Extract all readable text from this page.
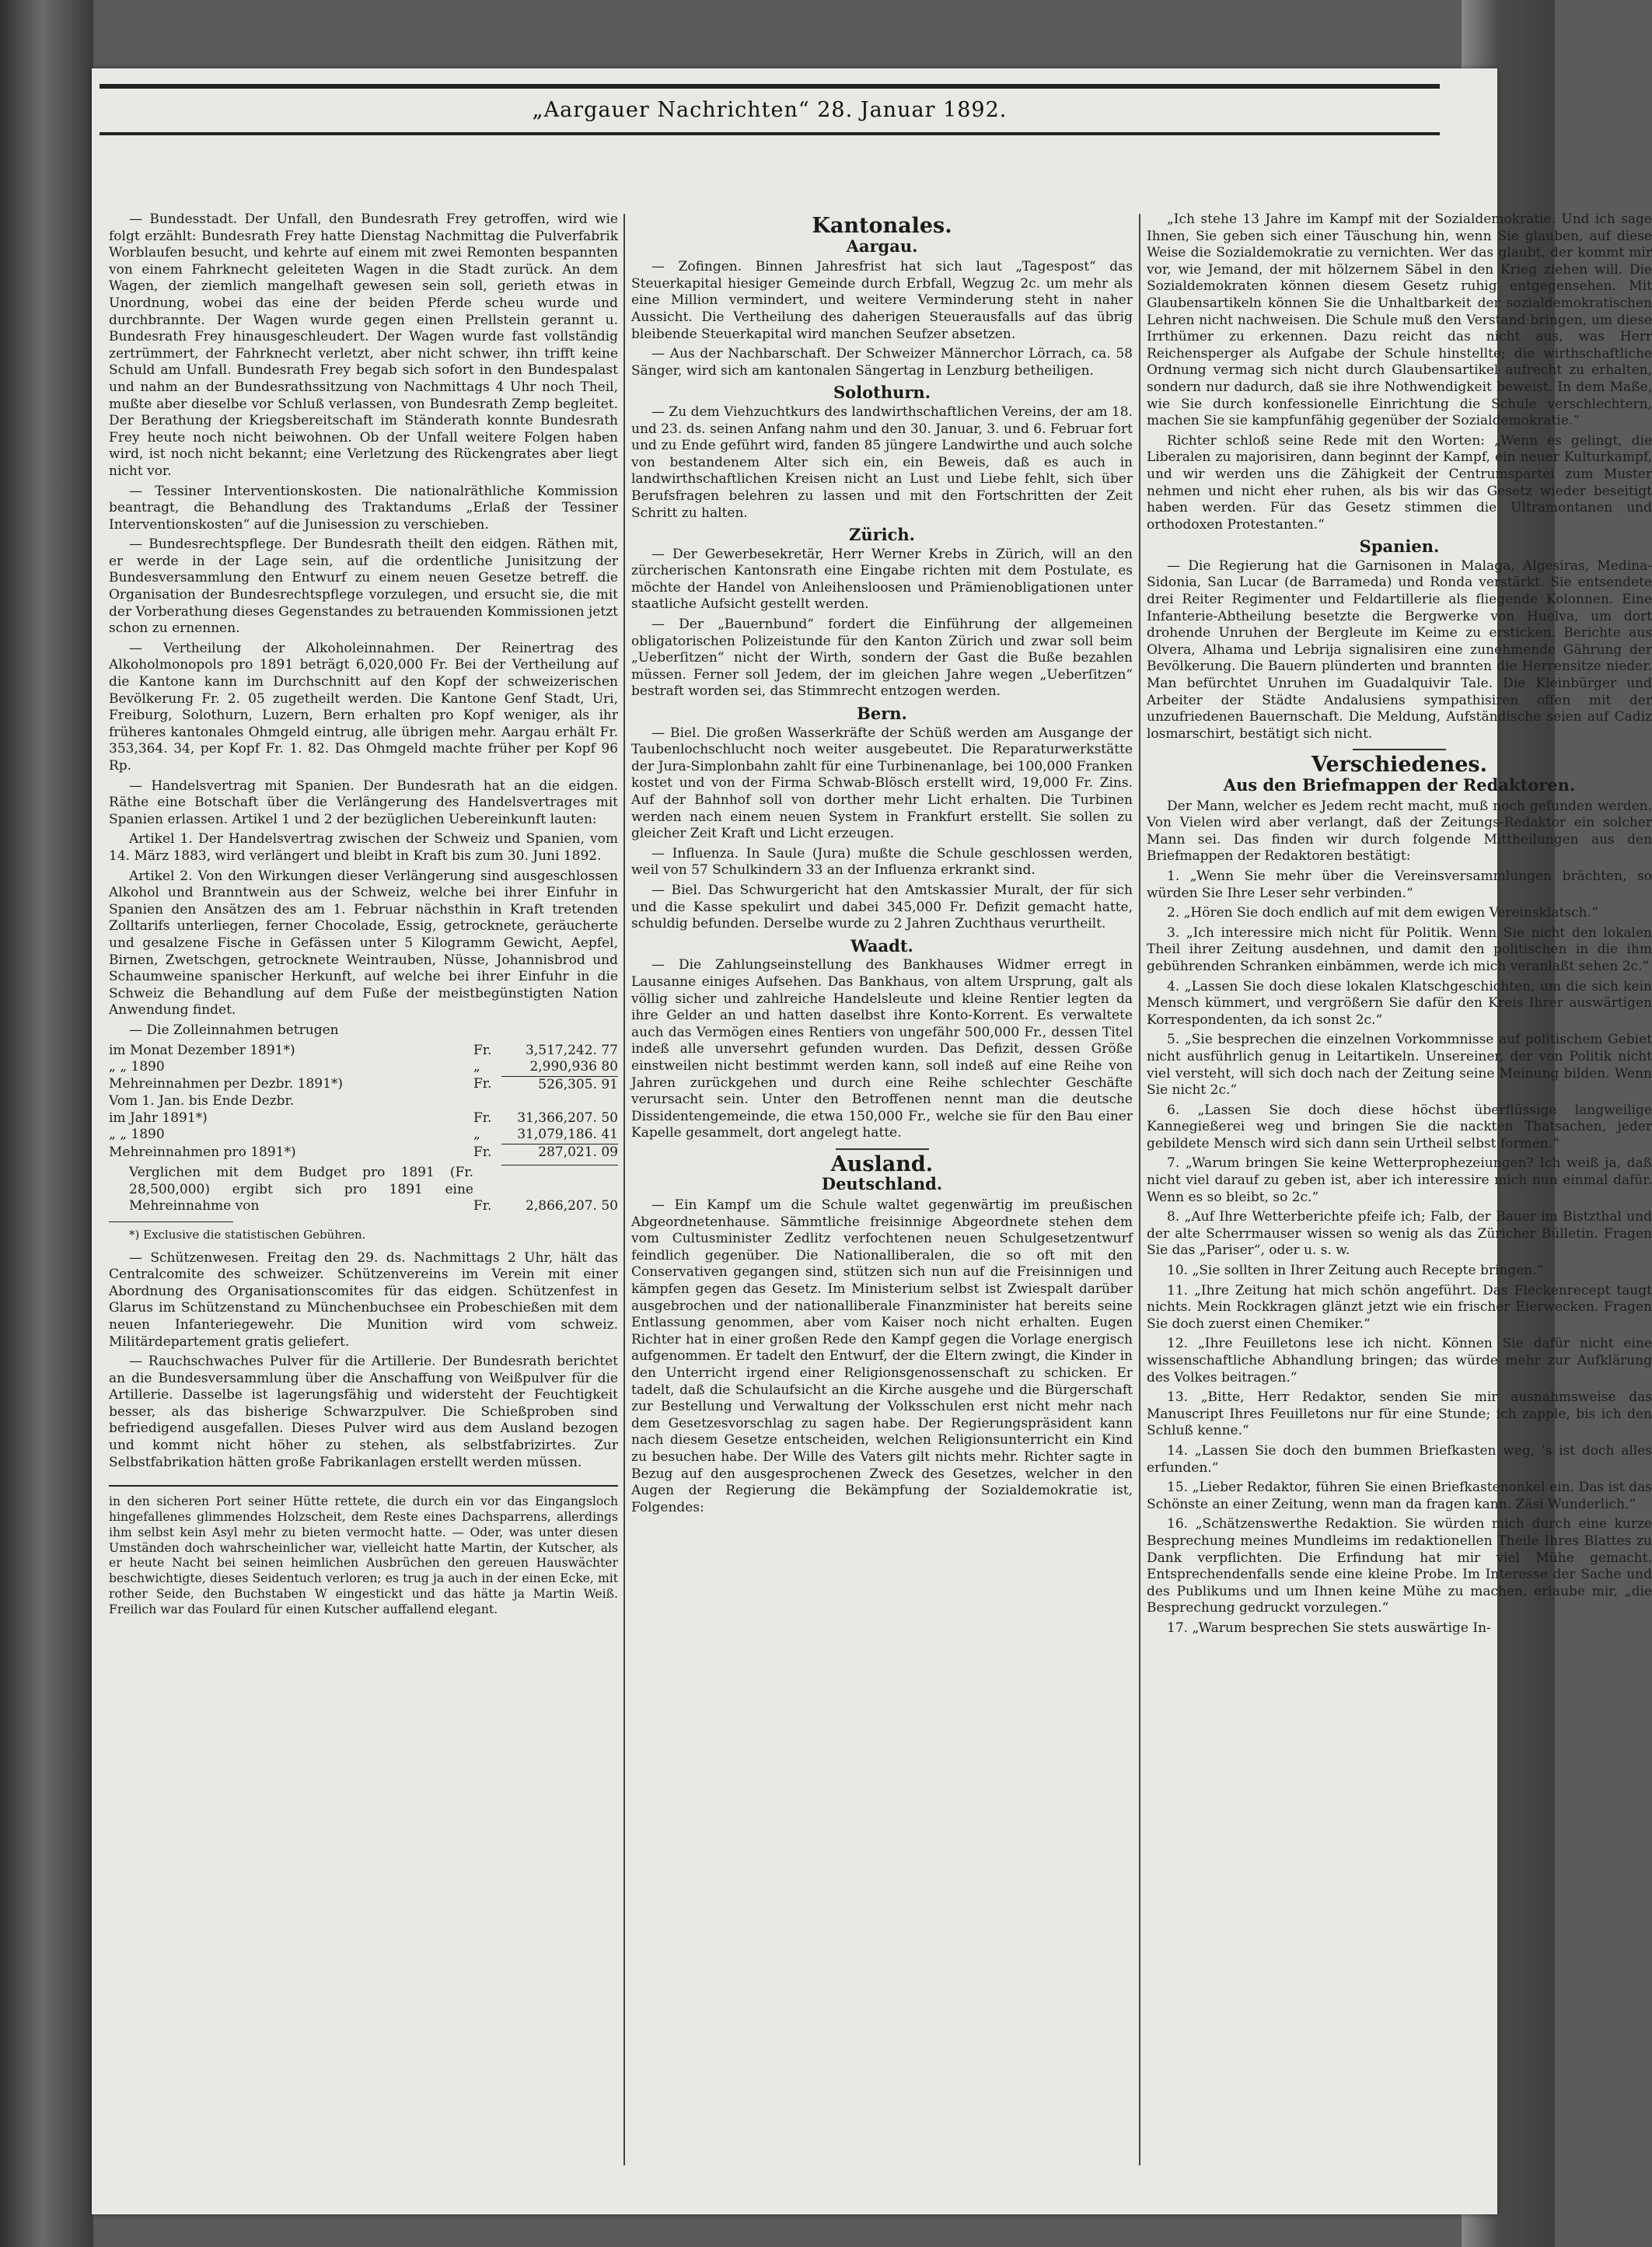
„Aargauer Nachrichten“ 28. Januar 1892.

— Bundesstadt. Der Unfall, den Bundesrath Frey getroffen, wird wie folgt erzählt: Bundesrath Frey hatte Dienstag Nachmittag die Pulverfabrik Worblaufen besucht, und kehrte auf einem mit zwei Remonten bespannten von einem Fahrknecht geleiteten Wagen in die Stadt zurück. An dem Wagen, der ziemlich mangelhaft gewesen sein soll, gerieth etwas in Unordnung, wobei das eine der beiden Pferde scheu wurde und durchbrannte. Der Wagen wurde gegen einen Prellstein gerannt u. Bundesrath Frey hinausgeschleudert. Der Wagen wurde fast vollständig zertrümmert, der Fahrknecht verletzt, aber nicht schwer, ihn trifft keine Schuld am Unfall. Bundesrath Frey begab sich sofort in den Bundespalast und nahm an der Bundesrathssitzung von Nachmittags 4 Uhr noch Theil, mußte aber dieselbe vor Schluß verlassen, von Bundesrath Zemp begleitet. Der Berathung der Kriegsbereitschaft im Ständerath konnte Bundesrath Frey heute noch nicht beiwohnen. Ob der Unfall weitere Folgen haben wird, ist noch nicht bekannt; eine Verletzung des Rückengrates aber liegt nicht vor.

— Tessiner Interventionskosten. Die nationalräthliche Kommission beantragt, die Behandlung des Traktandums „Erlaß der Tessiner Interventionskosten“ auf die Junisession zu verschieben.

— Bundesrechtspflege. Der Bundesrath theilt den eidgen. Räthen mit, er werde in der Lage sein, auf die ordentliche Junisitzung der Bundesversammlung den Entwurf zu einem neuen Gesetze betreff. die Organisation der Bundesrechtspflege vorzulegen, und ersucht sie, die mit der Vorberathung dieses Gegenstandes zu betrauenden Kommissionen jetzt schon zu ernennen.

— Vertheilung der Alkoholeinnahmen. Der Reinertrag des Alkoholmonopols pro 1891 beträgt 6,020,000 Fr. Bei der Vertheilung auf die Kantone kann im Durchschnitt auf den Kopf der schweizerischen Bevölkerung Fr. 2. 05 zugetheilt werden. Die Kantone Genf Stadt, Uri, Freiburg, Solothurn, Luzern, Bern erhalten pro Kopf weniger, als ihr früheres kantonales Ohmgeld eintrug, alle übrigen mehr. Aargau erhält Fr. 353,364. 34, per Kopf Fr. 1. 82. Das Ohmgeld machte früher per Kopf 96 Rp.

— Handelsvertrag mit Spanien. Der Bundesrath hat an die eidgen. Räthe eine Botschaft über die Verlängerung des Handelsvertrages mit Spanien erlassen. Artikel 1 und 2 der bezüglichen Uebereinkunft lauten:

Artikel 1. Der Handelsvertrag zwischen der Schweiz und Spanien, vom 14. März 1883, wird verlängert und bleibt in Kraft bis zum 30. Juni 1892.

Artikel 2. Von den Wirkungen dieser Verlängerung sind ausgeschlossen Alkohol und Branntwein aus der Schweiz, welche bei ihrer Einfuhr in Spanien den Ansätzen des am 1. Februar nächsthin in Kraft tretenden Zolltarifs unterliegen, ferner Chocolade, Essig, getrocknete, geräucherte und gesalzene Fische in Gefässen unter 5 Kilogramm Gewicht, Aepfel, Birnen, Zwetschgen, getrocknete Weintrauben, Nüsse, Johannisbrod und Schaumweine spanischer Herkunft, auf welche bei ihrer Einfuhr in die Schweiz die Behandlung auf dem Fuße der meistbegünstigten Nation Anwendung findet.

— Die Zolleinnahmen betrugen

im Monat Dezember 1891*)	Fr.	3,517,242. 77
„ „ 1890	„	2,990,936 80
Mehreinnahmen per Dezbr. 1891*)	Fr.	526,305. 91
Vom 1. Jan. bis Ende Dezbr.		
im Jahr 1891*)	Fr.	31,366,207. 50
„ „ 1890	„	31,079,186. 41
Mehreinnahmen pro 1891*)	Fr.	287,021. 09
Verglichen mit dem Budget pro 1891 (Fr. 28,500,000) ergibt sich pro 1891 eine Mehreinnahme von	Fr.	2,866,207. 50

*) Exclusive die statistischen Gebühren.

— Schützenwesen. Freitag den 29. ds. Nachmittags 2 Uhr, hält das Centralcomite des schweizer. Schützenvereins im Verein mit einer Abordnung des Organisationscomites für das eidgen. Schützenfest in Glarus im Schützenstand zu Münchenbuchsee ein Probeschießen mit dem neuen Infanteriegewehr. Die Munition wird vom schweiz. Militärdepartement gratis geliefert.

— Rauchschwaches Pulver für die Artillerie. Der Bundesrath berichtet an die Bundesversammlung über die Anschaffung von Weißpulver für die Artillerie. Dasselbe ist lagerungsfähig und widersteht der Feuchtigkeit besser, als das bisherige Schwarzpulver. Die Schießproben sind befriedigend ausgefallen. Dieses Pulver wird aus dem Ausland bezogen und kommt nicht höher zu stehen, als selbstfabrizirtes. Zur Selbstfabrikation hätten große Fabrikanlagen erstellt werden müssen.

in den sicheren Port seiner Hütte rettete, die durch ein vor das Eingangsloch hingefallenes glimmendes Holzscheit, dem Reste eines Dachsparrens, allerdings ihm selbst kein Asyl mehr zu bieten vermocht hatte. — Oder, was unter diesen Umständen doch wahrscheinlicher war, vielleicht hatte Martin, der Kutscher, als er heute Nacht bei seinen heimlichen Ausbrüchen den gereuen Hauswächter beschwichtigte, dieses Seidentuch verloren; es trug ja auch in der einen Ecke, mit rother Seide, den Buchstaben W eingestickt und das hätte ja Martin Weiß. Freilich war das Foulard für einen Kutscher auffallend elegant.

Kantonales.
Aargau.

— Zofingen. Binnen Jahresfrist hat sich laut „Tagespost“ das Steuerkapital hiesiger Gemeinde durch Erbfall, Wegzug 2c. um mehr als eine Million vermindert, und weitere Verminderung steht in naher Aussicht. Die Vertheilung des daherigen Steuerausfalls auf das übrig bleibende Steuerkapital wird manchen Seufzer absetzen.

— Aus der Nachbarschaft. Der Schweizer Männerchor Lörrach, ca. 58 Sänger, wird sich am kantonalen Sängertag in Lenzburg betheiligen.

Solothurn.

— Zu dem Viehzuchtkurs des landwirthschaftlichen Vereins, der am 18. und 23. ds. seinen Anfang nahm und den 30. Januar, 3. und 6. Februar fort und zu Ende geführt wird, fanden 85 jüngere Landwirthe und auch solche von bestandenem Alter sich ein, ein Beweis, daß es auch in landwirthschaftlichen Kreisen nicht an Lust und Liebe fehlt, sich über Berufsfragen belehren zu lassen und mit den Fortschritten der Zeit Schritt zu halten.

Zürich.

— Der Gewerbesekretär, Herr Werner Krebs in Zürich, will an den zürcherischen Kantonsrath eine Eingabe richten mit dem Postulate, es möchte der Handel von Anleihensloosen und Prämienobligationen unter staatliche Aufsicht gestellt werden.

— Der „Bauernbund“ fordert die Einführung der allgemeinen obligatorischen Polizeistunde für den Kanton Zürich und zwar soll beim „Ueberſitzen“ nicht der Wirth, sondern der Gast die Buße bezahlen müssen. Ferner soll Jedem, der im gleichen Jahre wegen „Ueberſitzen“ bestraft worden sei, das Stimmrecht entzogen werden.

Bern.

— Biel. Die großen Wasserkräfte der Schüß werden am Ausgange der Taubenlochschlucht noch weiter ausgebeutet. Die Reparaturwerkstätte der Jura-Simplonbahn zahlt für eine Turbinenanlage, bei 100,000 Franken kostet und von der Firma Schwab-Blösch erstellt wird, 19,000 Fr. Zins. Auf der Bahnhof soll von dorther mehr Licht erhalten. Die Turbinen werden nach einem neuen System in Frankfurt erstellt. Sie sollen zu gleicher Zeit Kraft und Licht erzeugen.

— Influenza. In Saule (Jura) mußte die Schule geschlossen werden, weil von 57 Schulkindern 33 an der Influenza erkrankt sind.

— Biel. Das Schwurgericht hat den Amtskassier Muralt, der für sich und die Kasse spekulirt und dabei 345,000 Fr. Defizit gemacht hatte, schuldig befunden. Derselbe wurde zu 2 Jahren Zuchthaus verurtheilt.

Waadt.

— Die Zahlungseinstellung des Bankhauses Widmer erregt in Lausanne einiges Aufsehen. Das Bankhaus, von altem Ursprung, galt als völlig sicher und zahlreiche Handelsleute und kleine Rentier legten da ihre Gelder an und hatten daselbst ihre Konto-Korrent. Es verwaltete auch das Vermögen eines Rentiers von ungefähr 500,000 Fr., dessen Titel indeß alle unversehrt gefunden wurden. Das Defizit, dessen Größe einstweilen nicht bestimmt werden kann, soll indeß auf eine Reihe von Jahren zurückgehen und durch eine Reihe schlechter Geschäfte verursacht sein. Unter den Betroffenen nennt man die deutsche Dissidentengemeinde, die etwa 150,000 Fr., welche sie für den Bau einer Kapelle gesammelt, dort angelegt hatte.

Ausland.
Deutschland.

— Ein Kampf um die Schule waltet gegenwärtig im preußischen Abgeordnetenhause. Sämmtliche freisinnige Abgeordnete stehen dem vom Cultusminister Zedlitz verfochtenen neuen Schulgesetzentwurf feindlich gegenüber. Die Nationalliberalen, die so oft mit den Conservativen gegangen sind, stützen sich nun auf die Freisinnigen und kämpfen gegen das Gesetz. Im Ministerium selbst ist Zwiespalt darüber ausgebrochen und der nationalliberale Finanzminister hat bereits seine Entlassung genommen, aber vom Kaiser noch nicht erhalten. Eugen Richter hat in einer großen Rede den Kampf gegen die Vorlage energisch aufgenommen. Er tadelt den Entwurf, der die Eltern zwingt, die Kinder in den Unterricht irgend einer Religionsgenossenschaft zu schicken. Er tadelt, daß die Schulaufsicht an die Kirche ausgehe und die Bürgerschaft zur Bestellung und Verwaltung der Volksschulen erst nicht mehr nach dem Gesetzesvorschlag zu sagen habe. Der Regierungspräsident kann nach diesem Gesetze entscheiden, welchen Religionsunterricht ein Kind zu besuchen habe. Der Wille des Vaters gilt nichts mehr. Richter sagte in Bezug auf den ausgesprochenen Zweck des Gesetzes, welcher in den Augen der Regierung die Bekämpfung der Sozialdemokratie ist, Folgendes:

„Ich stehe 13 Jahre im Kampf mit der Sozialdemokratie. Und ich sage Ihnen, Sie geben sich einer Täuschung hin, wenn Sie glauben, auf diese Weise die Sozialdemokratie zu vernichten. Wer das glaubt, der kommt mir vor, wie Jemand, der mit hölzernem Säbel in den Krieg ziehen will. Die Sozialdemokraten können diesem Gesetz ruhig entgegensehen. Mit Glaubensartikeln können Sie die Unhaltbarkeit der sozialdemokratischen Lehren nicht nachweisen. Die Schule muß den Verstand bringen, um diese Irrthümer zu erkennen. Dazu reicht das nicht aus, was Herr Reichensperger als Aufgabe der Schule hinstellte; die wirthschaftliche Ordnung vermag sich nicht durch Glaubensartikel aufrecht zu erhalten, sondern nur dadurch, daß sie ihre Nothwendigkeit beweist. In dem Maße, wie Sie durch konfessionelle Einrichtung die Schule verschlechtern, machen Sie sie kampfunfähig gegenüber der Sozialdemokratie.“

Richter schloß seine Rede mit den Worten: „Wenn es gelingt, die Liberalen zu majorisiren, dann beginnt der Kampf, ein neuer Kulturkampf, und wir werden uns die Zähigkeit der Centrumspartei zum Muster nehmen und nicht eher ruhen, als bis wir das Gesetz wieder beseitigt haben werden. Für das Gesetz stimmen die Ultramontanen und orthodoxen Protestanten.“

Spanien.

— Die Regierung hat die Garnisonen in Malaga, Algesiras, Medina-Sidonia, San Lucar (de Barrameda) und Ronda verstärkt. Sie entsendete drei Reiter Regimenter und Feldartillerie als fliegende Kolonnen. Eine Infanterie-Abtheilung besetzte die Bergwerke von Huelva, um dort drohende Unruhen der Bergleute im Keime zu ersticken. Berichte aus Olvera, Alhama und Lebrija signalisiren eine zunehmende Gährung der Bevölkerung. Die Bauern plünderten und brannten die Herrensitze nieder. Man befürchtet Unruhen im Guadalquivir Tale. Die Kleinbürger und Arbeiter der Städte Andalusiens sympathisiren offen mit der unzufriedenen Bauernschaft. Die Meldung, Aufständische seien auf Cadiz losmarschirt, bestätigt sich nicht.

Verschiedenes.
Aus den Briefmappen der Redaktoren.

Der Mann, welcher es Jedem recht macht, muß noch gefunden werden. Von Vielen wird aber verlangt, daß der Zeitungs-Redaktor ein solcher Mann sei. Das finden wir durch folgende Mittheilungen aus den Briefmappen der Redaktoren bestätigt:

1. „Wenn Sie mehr über die Vereinsversammlungen brächten, so würden Sie Ihre Leser sehr verbinden.“

2. „Hören Sie doch endlich auf mit dem ewigen Vereinsklatsch.“

3. „Ich interessire mich nicht für Politik. Wenn Sie nicht den lokalen Theil ihrer Zeitung ausdehnen, und damit den politischen in die ihm gebührenden Schranken einbämmen, werde ich mich veranlaßt sehen 2c.“

4. „Lassen Sie doch diese lokalen Klatschgeschichten, um die sich kein Mensch kümmert, und vergrößern Sie dafür den Kreis Ihrer auswärtigen Korrespondenten, da ich sonst 2c.“

5. „Sie besprechen die einzelnen Vorkommnisse auf politischem Gebiet nicht ausführlich genug in Leitartikeln. Unsereiner, der von Politik nicht viel versteht, will sich doch nach der Zeitung seine Meinung bilden. Wenn Sie nicht 2c.“

6. „Lassen Sie doch diese höchst überflüssige langweilige Kannegießerei weg und bringen Sie die nackten Thatsachen, jeder gebildete Mensch wird sich dann sein Urtheil selbst formen.“

7. „Warum bringen Sie keine Wetterprophezeiungen? Ich weiß ja, daß nicht viel darauf zu geben ist, aber ich interessire mich nun einmal dafür. Wenn es so bleibt, so 2c.“

8. „Auf Ihre Wetterberichte pfeife ich; Falb, der Bauer im Bistzthal und der alte Scherrmauser wissen so wenig als das Züricher Bülletin. Fragen Sie das „Pariser“, oder u. s. w.

10. „Sie sollten in Ihrer Zeitung auch Recepte bringen.“

11. „Ihre Zeitung hat mich schön angeführt. Das Fleckenrecept taugt nichts. Mein Rockkragen glänzt jetzt wie ein frischer Eierwecken. Fragen Sie doch zuerst einen Chemiker.“

12. „Ihre Feuilletons lese ich nicht. Können Sie dafür nicht eine wissenschaftliche Abhandlung bringen; das würde mehr zur Aufklärung des Volkes beitragen.“

13. „Bitte, Herr Redaktor, senden Sie mir ausnahmsweise das Manuscript Ihres Feuilletons nur für eine Stunde; ich zapple, bis ich den Schluß kenne.“

14. „Lassen Sie doch den bummen Briefkasten weg, 's ist doch alles erfunden.“

15. „Lieber Redaktor, führen Sie einen Briefkastenonkel ein. Das ist das Schönste an einer Zeitung, wenn man da fragen kann. Zäsi Wunderlich.“

16. „Schätzenswerthe Redaktion. Sie würden mich durch eine kurze Besprechung meines Mundleims im redaktionellen Theile Ihres Blattes zu Dank verpflichten. Die Erfindung hat mir viel Mühe gemacht. Entsprechendenfalls sende eine kleine Probe. Im Interesse der Sache und des Publikums und um Ihnen keine Mühe zu machen, erlaube mir, „die Besprechung gedruckt vorzulegen.“

17. „Warum besprechen Sie stets auswärtige In-
